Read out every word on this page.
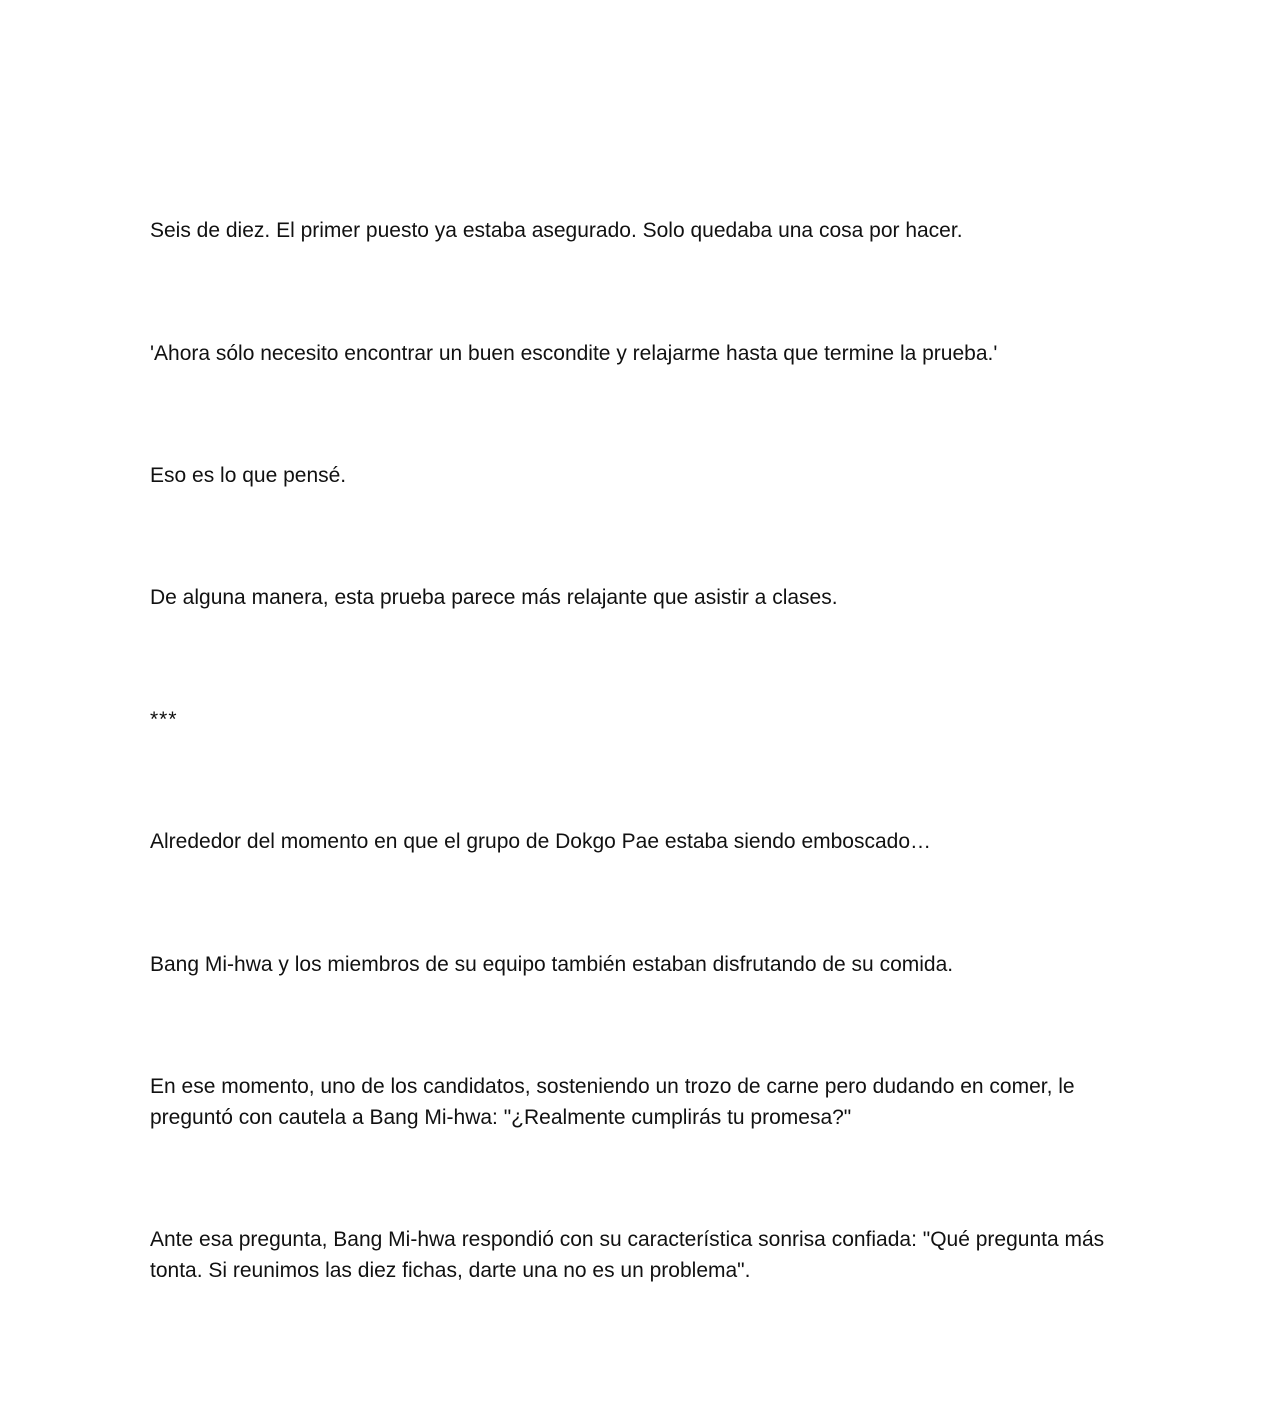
Seis de diez. El primer puesto ya estaba asegurado. Solo quedaba una cosa por hacer.

'Ahora sólo necesito encontrar un buen escondite y relajarme hasta que termine la prueba.'

Eso es lo que pensé.

De alguna manera, esta prueba parece más relajante que asistir a clases.

***

Alrededor del momento en que el grupo de Dokgo Pae estaba siendo emboscado…

Bang Mi-hwa y los miembros de su equipo también estaban disfrutando de su comida.

En ese momento, uno de los candidatos, sosteniendo un trozo de carne pero dudando en comer, le preguntó con cautela a Bang Mi-hwa: "¿Realmente cumplirás tu promesa?"

Ante esa pregunta, Bang Mi-hwa respondió con su característica sonrisa confiada: "Qué pregunta más tonta. Si reunimos las diez fichas, darte una no es un problema".
